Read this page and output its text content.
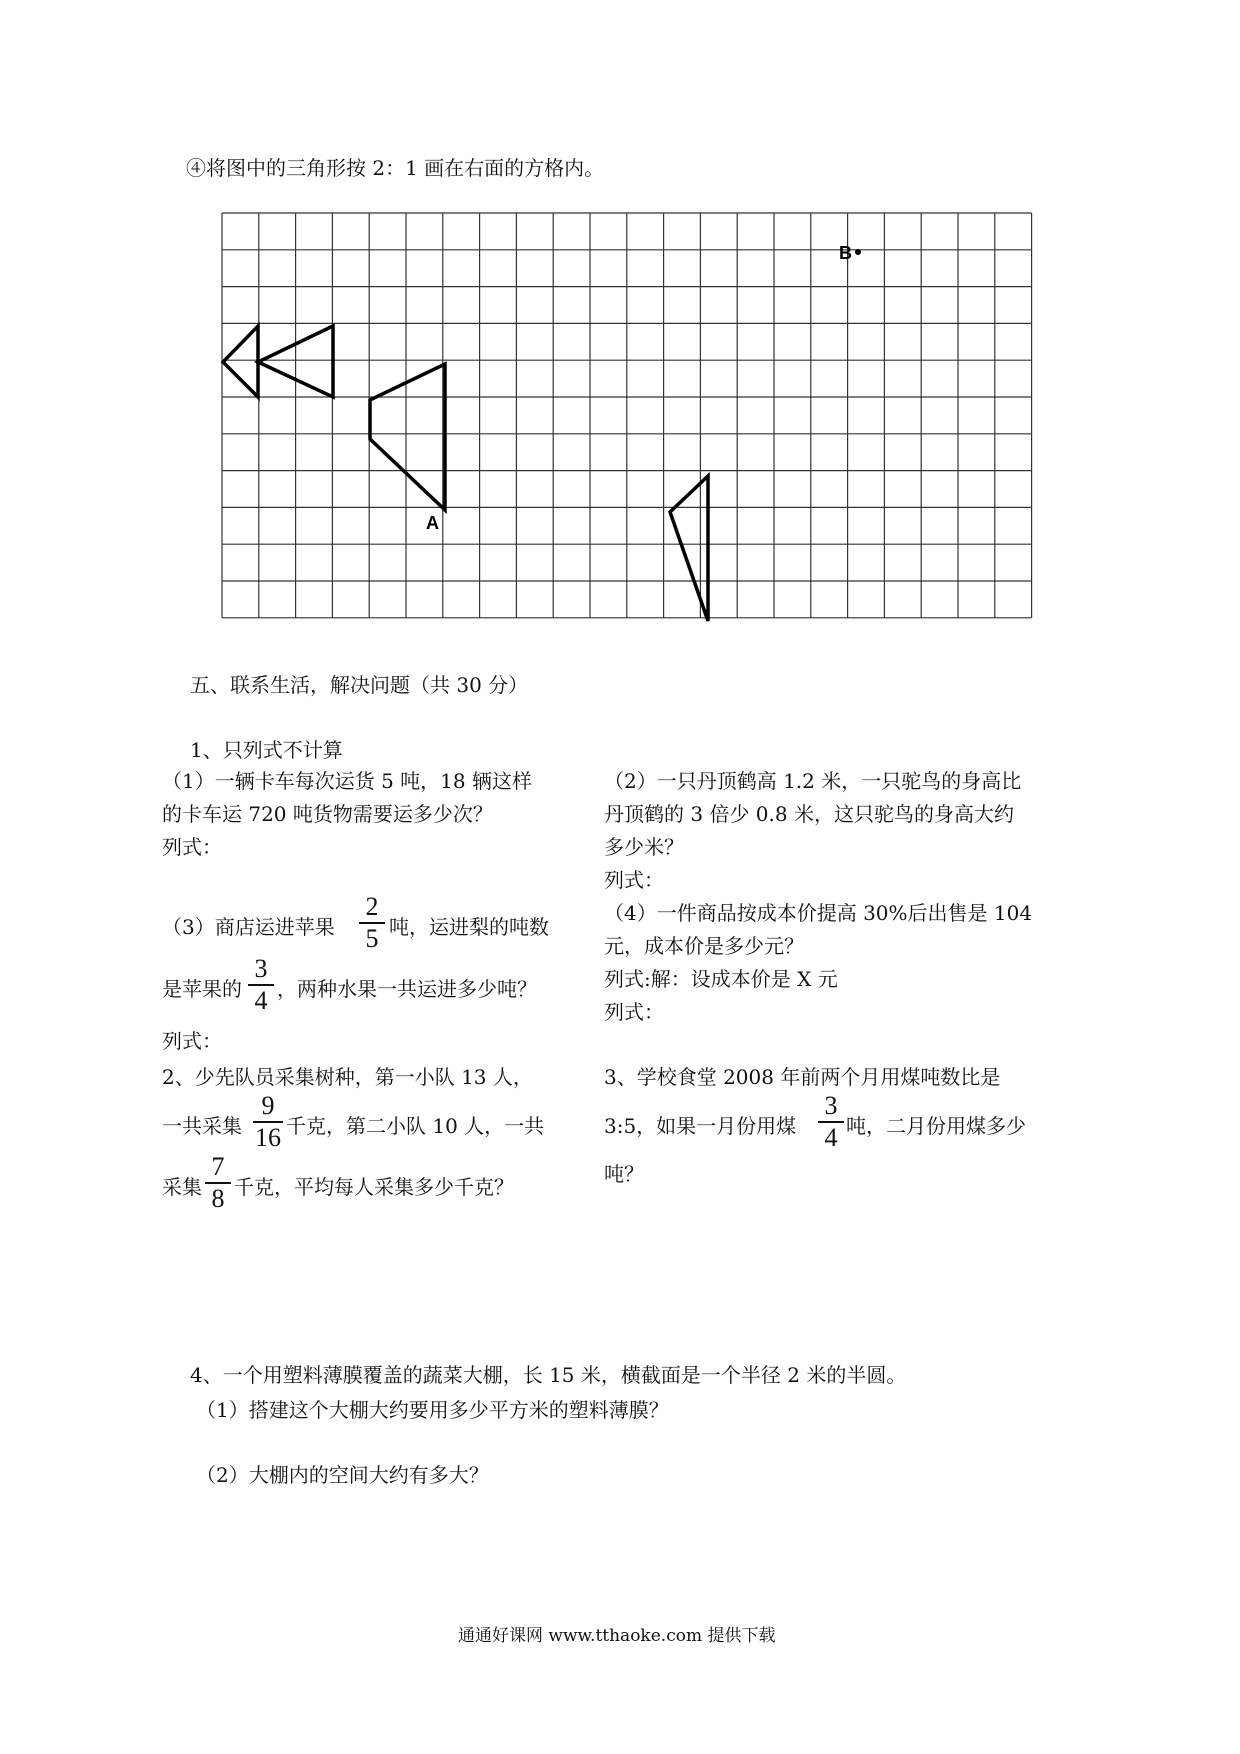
④将图中的三角形按 2：1 画在右面的方格内。
A
B
五、联系生活，解决问题（共 30 分）
1、只列式不计算
（1）一辆卡车每次运货 5 吨，18 辆这样
的卡车运 720 吨货物需要运多少次？
列式：
（2）一只丹顶鹤高 1.2 米，一只驼鸟的身高比
丹顶鹤的 3 倍少 0.8 米，这只驼鸟的身高大约
多少米？
列式：
（3）商店运进苹果 $\frac{2}{5}$ 吨，运进梨的吨数
是苹果的 $\frac{3}{4}$ ，两种水果一共运进多少吨？
列式：
（4）一件商品按成本价提高 30%后出售是 104
元，成本价是多少元？
列式:解：设成本价是 X 元
列式：
2、少先队员采集树种，第一小队 13 人，
一共采集 $\frac{9}{16}$ 千克，第二小队 10 人，一共
采集 $\frac{7}{8}$ 千克，平均每人采集多少千克？
3、学校食堂 2008 年前两个月用煤吨数比是
3:5，如果一月份用煤 $\frac{3}{4}$ 吨，二月份用煤多少
吨？
4、一个用塑料薄膜覆盖的蔬菜大棚，长 15 米，横截面是一个半径 2 米的半圆。
（1）搭建这个大棚大约要用多少平方米的塑料薄膜？
（2）大棚内的空间大约有多大？
通通好课网 www.tthaoke.com 提供下载
